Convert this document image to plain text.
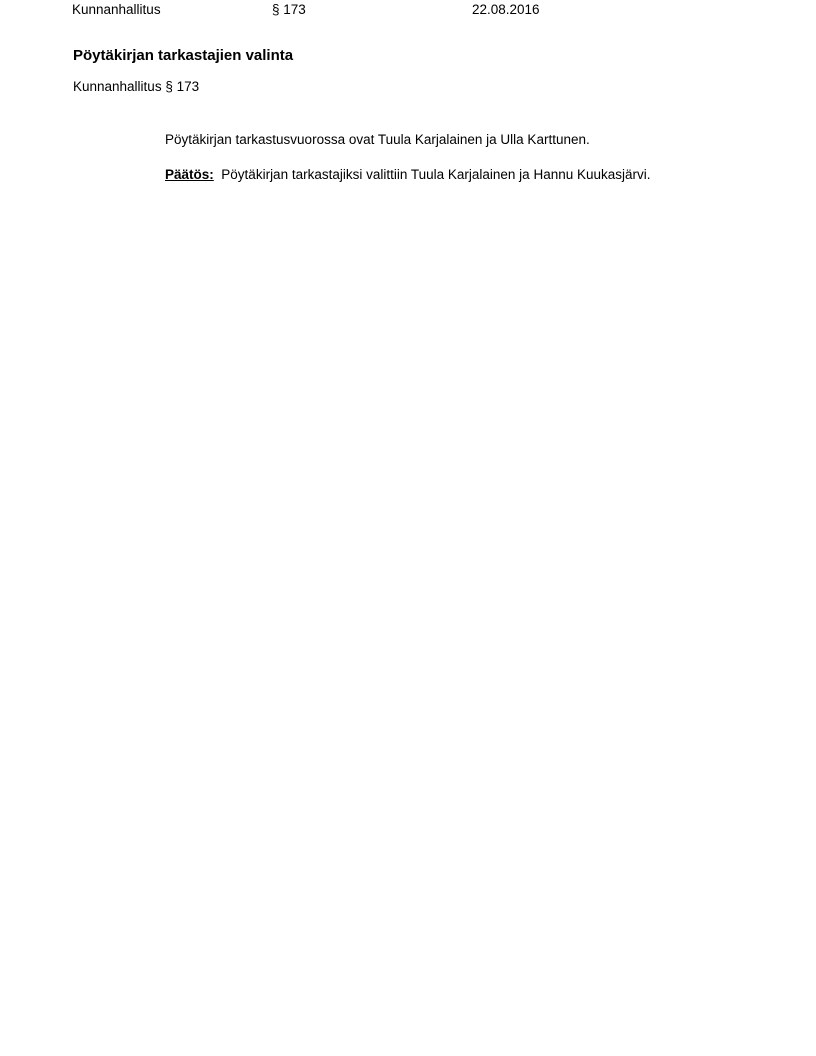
Kunnanhallitus	§ 173	22.08.2016
Pöytäkirjan tarkastajien valinta
Kunnanhallitus § 173

Pöytäkirjan tarkastusvuorossa ovat Tuula Karjalainen ja Ulla Karttunen.

Päätös: Pöytäkirjan tarkastajiksi valittiin Tuula Karjalainen ja Hannu Kuukasjärvi.
